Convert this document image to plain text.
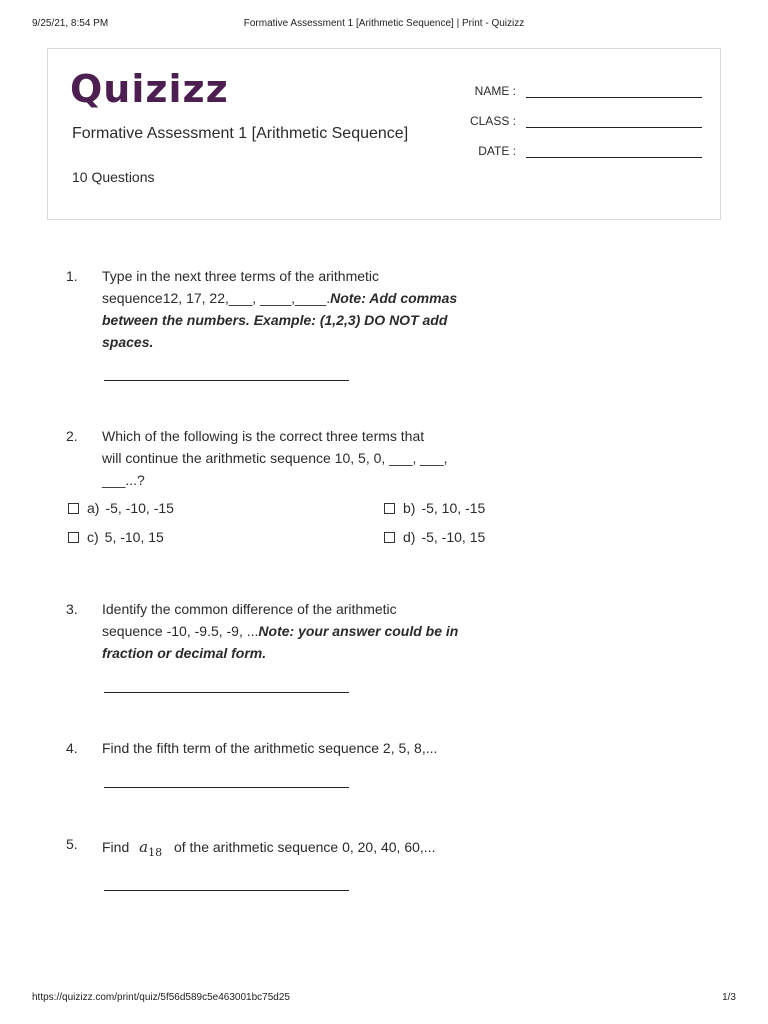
9/25/21, 8:54 PM	Formative Assessment 1 [Arithmetic Sequence] | Print - Quizizz
Quizizz
Formative Assessment 1 [Arithmetic Sequence]
10 Questions
NAME :
CLASS :
DATE :
1. Type in the next three terms of the arithmetic
sequence12, 17, 22,___, ____,____.Note: Add commas
between the numbers. Example: (1,2,3) DO NOT add
spaces.
2. Which of the following is the correct three terms that
will continue the arithmetic sequence 10, 5, 0, ___, ___,
___...?
a) -5, -10, -15	b) -5, 10, -15
c) 5, -10, 15	d) -5, -10, 15
3. Identify the common difference of the arithmetic
sequence -10, -9.5, -9, ...Note: your answer could be in
fraction or decimal form.
4. Find the fifth term of the arithmetic sequence 2, 5, 8,...
5. Find $a_{18}$ of the arithmetic sequence 0, 20, 40, 60,...
https://quizizz.com/print/quiz/5f56d589c5e463001bc75d25	1/3
